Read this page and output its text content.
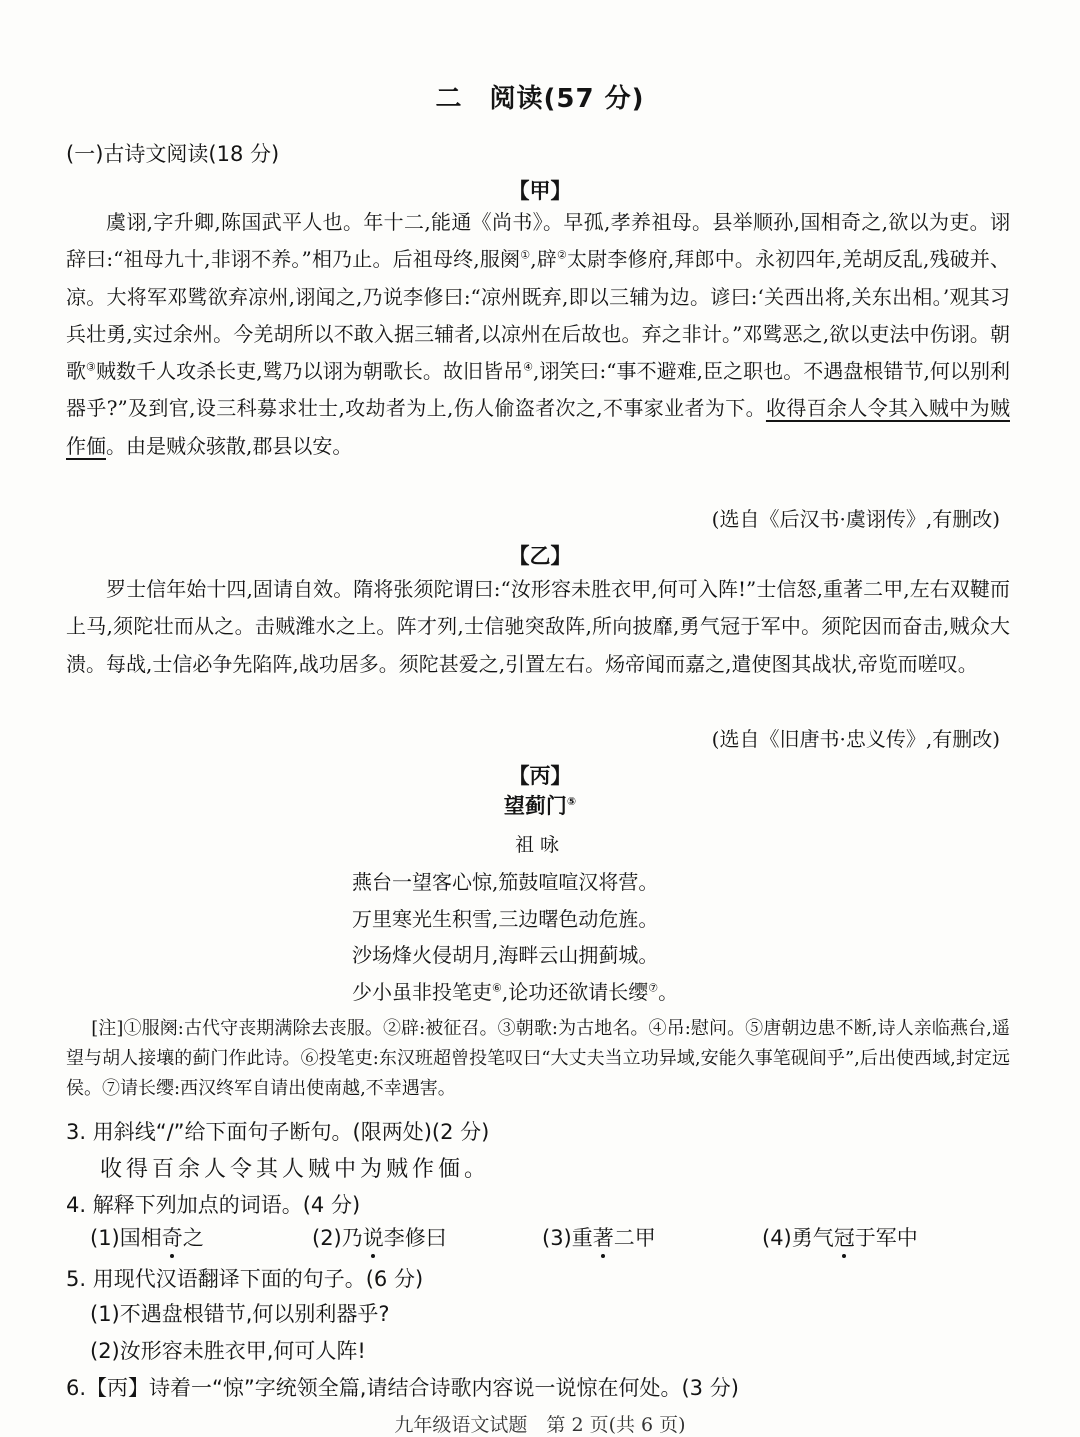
二　阅读(57 分)
(一)古诗文阅读(18 分)
【甲】

虞诩,字升卿,陈国武平人也。年十二,能通《尚书》。早孤,孝养祖母。县举顺孙,国相奇之,欲以为吏。诩辞曰:“祖母九十,非诩不养。”相乃止。后祖母终,服阕①,辟②太尉李修府,拜郎中。永初四年,羌胡反乱,残破并、凉。大将军邓骘欲弃凉州,诩闻之,乃说李修曰:“凉州既弃,即以三辅为边。谚曰:‘关西出将,关东出相。’观其习兵壮勇,实过余州。今羌胡所以不敢入据三辅者,以凉州在后故也。弃之非计。”邓骘恶之,欲以吏法中伤诩。朝歌③贼数千人攻杀长吏,骘乃以诩为朝歌长。故旧皆吊④,诩笑曰:“事不避难,臣之职也。不遇盘根错节,何以别利器乎?”及到官,设三科募求壮士,攻劫者为上,伤人偷盗者次之,不事家业者为下。收得百余人令其入贼中为贼作偭。由是贼众骇散,郡县以安。

(选自《后汉书·虞诩传》,有删改)
【乙】

罗士信年始十四,固请自效。隋将张须陀谓曰:“汝形容未胜衣甲,何可入阵!”士信怒,重著二甲,左右双鞬而上马,须陀壮而从之。击贼潍水之上。阵才列,士信驰突敌阵,所向披靡,勇气冠于军中。须陀因而奋击,贼众大溃。每战,士信必争先陷阵,战功居多。须陀甚爱之,引置左右。炀帝闻而嘉之,遣使图其战状,帝览而嗟叹。

(选自《旧唐书·忠义传》,有删改)
【丙】
望蓟门⑤
祖咏
燕台一望客心惊,笳鼓喧喧汉将营。
万里寒光生积雪,三边曙色动危旌。
沙场烽火侵胡月,海畔云山拥蓟城。
少小虽非投笔吏⑥,论功还欲请长缨⑦。

[注]①服阕:古代守丧期满除去丧服。②辟:被征召。③朝歌:为古地名。④吊:慰问。⑤唐朝边患不断,诗人亲临燕台,遥望与胡人接壤的蓟门作此诗。⑥投笔吏:东汉班超曾投笔叹曰“大丈夫当立功异域,安能久事笔砚间乎”,后出使西域,封定远侯。⑦请长缨:西汉终军自请出使南越,不幸遇害。

3. 用斜线“/”给下面句子断句。(限两处)(2 分)
收得百余人令其人贼中为贼作偭。
4. 解释下列加点的词语。(4 分)
(1)国相奇之	(2)乃说李修曰	(3)重著二甲	(4)勇气冠于军中
5. 用现代汉语翻译下面的句子。(6 分)
(1)不遇盘根错节,何以别利器乎?
(2)汝形容未胜衣甲,何可人阵!
6.【丙】诗着一“惊”字统领全篇,请结合诗歌内容说一说惊在何处。(3 分)
九年级语文试题　第 2 页(共 6 页)
